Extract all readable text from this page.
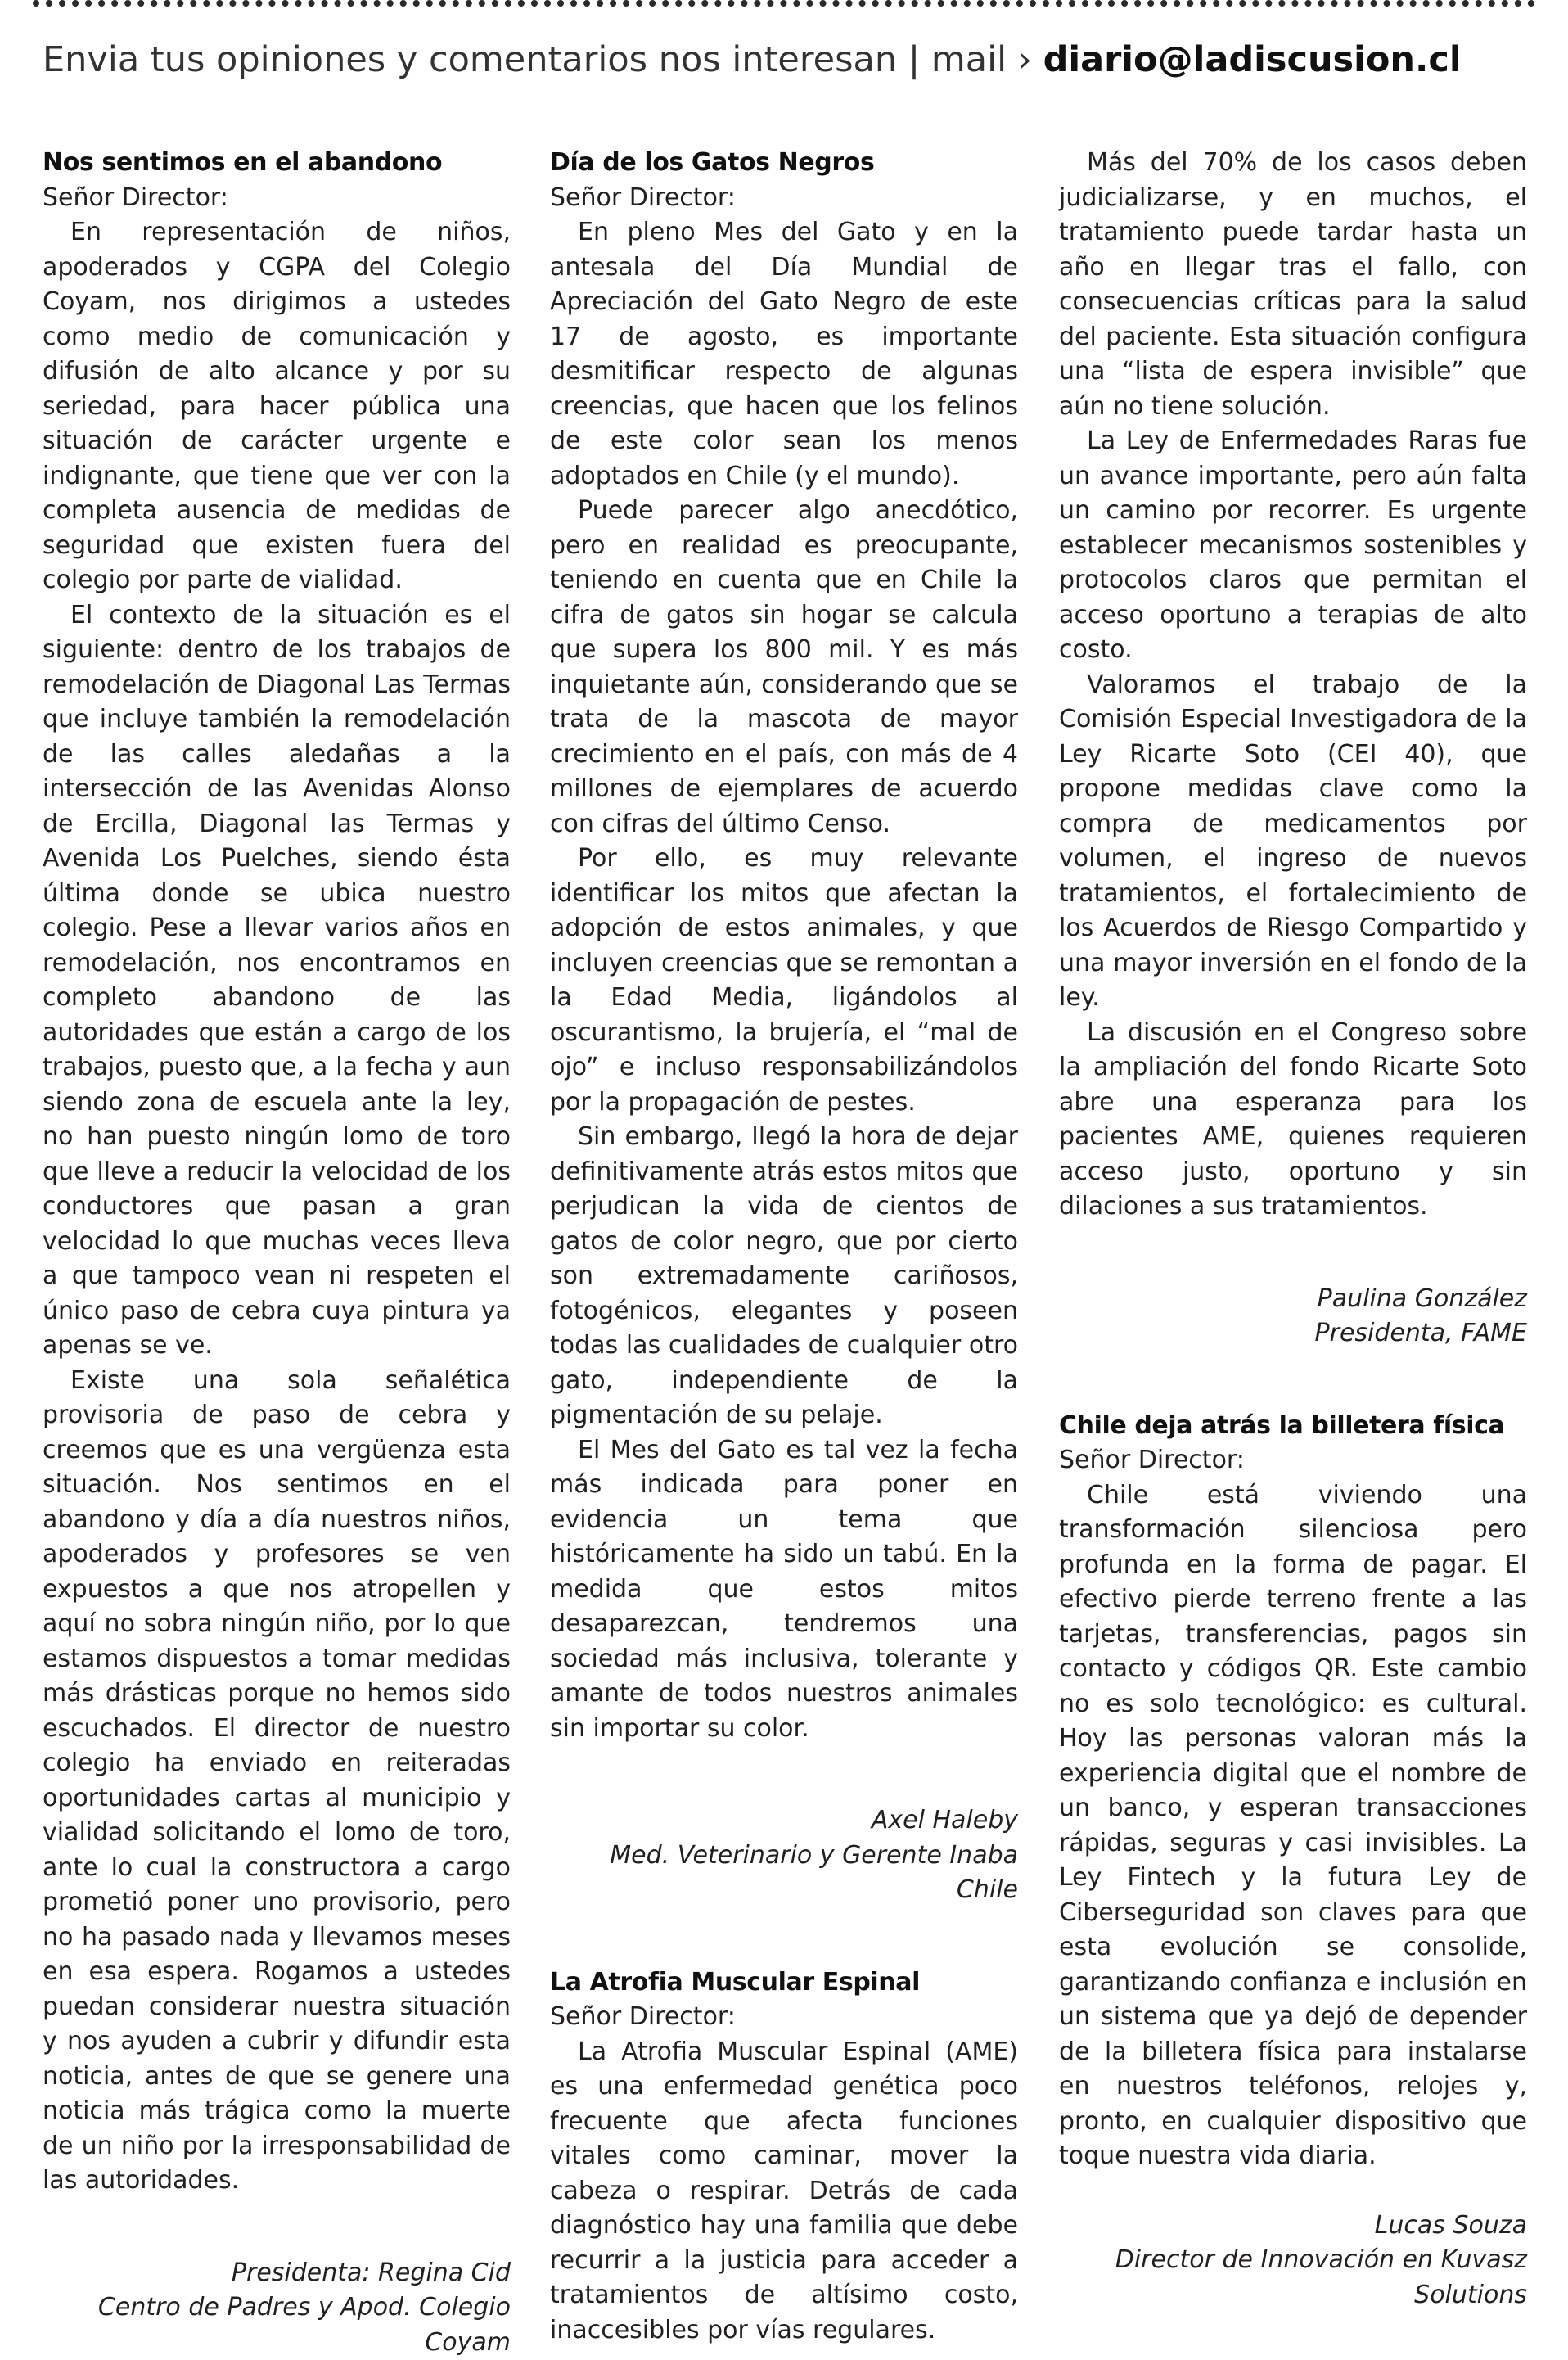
Envia tus opiniones y comentarios nos interesan | mail › diario@ladiscusion.cl
Nos sentimos en el abandono
Señor Director:

En representación de niños, apoderados y CGPA del Colegio Coyam, nos dirigimos a ustedes como medio de comunicación y difusión de alto alcance y por su seriedad, para hacer pública una situación de carácter urgente e indignante, que tiene que ver con la completa ausencia de medidas de seguridad que existen fuera del colegio por parte de vialidad.

El contexto de la situación es el siguiente: dentro de los trabajos de remodelación de Diagonal Las Termas que incluye también la remodelación de las calles aledañas a la intersección de las Avenidas Alonso de Ercilla, Diagonal las Termas y Avenida Los Puelches, siendo ésta última donde se ubica nuestro colegio. Pese a llevar varios años en remodelación, nos encontramos en completo abandono de las autoridades que están a cargo de los trabajos, puesto que, a la fecha y aun siendo zona de escuela ante la ley, no han puesto ningún lomo de toro que lleve a reducir la velocidad de los conductores que pasan a gran velocidad lo que muchas veces lleva a que tampoco vean ni respeten el único paso de cebra cuya pintura ya apenas se ve.

Existe una sola señalética provisoria de paso de cebra y creemos que es una vergüenza esta situación. Nos sentimos en el abandono y día a día nuestros niños, apoderados y profesores se ven expuestos a que nos atropellen y aquí no sobra ningún niño, por lo que estamos dispuestos a tomar medidas más drásticas porque no hemos sido escuchados. El director de nuestro colegio ha enviado en reiteradas oportunidades cartas al municipio y vialidad solicitando el lomo de toro, ante lo cual la constructora a cargo prometió poner uno provisorio, pero no ha pasado nada y llevamos meses en esa espera. Rogamos a ustedes puedan considerar nuestra situación y nos ayuden a cubrir y difundir esta noticia, antes de que se genere una noticia más trágica como la muerte de un niño por la irresponsabilidad de las autoridades.

Presidenta: Regina Cid
Centro de Padres y Apod. Colegio Coyam
Día de los Gatos Negros
Señor Director:

En pleno Mes del Gato y en la antesala del Día Mundial de Apreciación del Gato Negro de este 17 de agosto, es importante desmitificar respecto de algunas creencias, que hacen que los felinos de este color sean los menos adoptados en Chile (y el mundo).

Puede parecer algo anecdótico, pero en realidad es preocupante, teniendo en cuenta que en Chile la cifra de gatos sin hogar se calcula que supera los 800 mil. Y es más inquietante aún, considerando que se trata de la mascota de mayor crecimiento en el país, con más de 4 millones de ejemplares de acuerdo con cifras del último Censo.

Por ello, es muy relevante identificar los mitos que afectan la adopción de estos animales, y que incluyen creencias que se remontan a la Edad Media, ligándolos al oscurantismo, la brujería, el “mal de ojo” e incluso responsabilizándolos por la propagación de pestes.

Sin embargo, llegó la hora de dejar definitivamente atrás estos mitos que perjudican la vida de cientos de gatos de color negro, que por cierto son extremadamente cariñosos, fotogénicos, elegantes y poseen todas las cualidades de cualquier otro gato, independiente de la pigmentación de su pelaje.

El Mes del Gato es tal vez la fecha más indicada para poner en evidencia un tema que históricamente ha sido un tabú. En la medida que estos mitos desaparezcan, tendremos una sociedad más inclusiva, tolerante y amante de todos nuestros animales sin importar su color.

Axel Haleby
Med. Veterinario y Gerente Inaba Chile
La Atrofia Muscular Espinal
Señor Director:

La Atrofia Muscular Espinal (AME) es una enfermedad genética poco frecuente que afecta funciones vitales como caminar, mover la cabeza o respirar. Detrás de cada diagnóstico hay una familia que debe recurrir a la justicia para acceder a tratamientos de altísimo costo, inaccesibles por vías regulares.

Más del 70% de los casos deben judicializarse, y en muchos, el tratamiento puede tardar hasta un año en llegar tras el fallo, con consecuencias críticas para la salud del paciente. Esta situación configura una “lista de espera invisible” que aún no tiene solución.

La Ley de Enfermedades Raras fue un avance importante, pero aún falta un camino por recorrer. Es urgente establecer mecanismos sostenibles y protocolos claros que permitan el acceso oportuno a terapias de alto costo.

Valoramos el trabajo de la Comisión Especial Investigadora de la Ley Ricarte Soto (CEI 40), que propone medidas clave como la compra de medicamentos por volumen, el ingreso de nuevos tratamientos, el fortalecimiento de los Acuerdos de Riesgo Compartido y una mayor inversión en el fondo de la ley.

La discusión en el Congreso sobre la ampliación del fondo Ricarte Soto abre una esperanza para los pacientes AME, quienes requieren acceso justo, oportuno y sin dilaciones a sus tratamientos.

Paulina González
Presidenta, FAME
Chile deja atrás la billetera física
Señor Director:

Chile está viviendo una transformación silenciosa pero profunda en la forma de pagar. El efectivo pierde terreno frente a las tarjetas, transferencias, pagos sin contacto y códigos QR. Este cambio no es solo tecnológico: es cultural. Hoy las personas valoran más la experiencia digital que el nombre de un banco, y esperan transacciones rápidas, seguras y casi invisibles. La Ley Fintech y la futura Ley de Ciberseguridad son claves para que esta evolución se consolide, garantizando confianza e inclusión en un sistema que ya dejó de depender de la billetera física para instalarse en nuestros teléfonos, relojes y, pronto, en cualquier dispositivo que toque nuestra vida diaria.

Lucas Souza
Director de Innovación en Kuvasz Solutions
